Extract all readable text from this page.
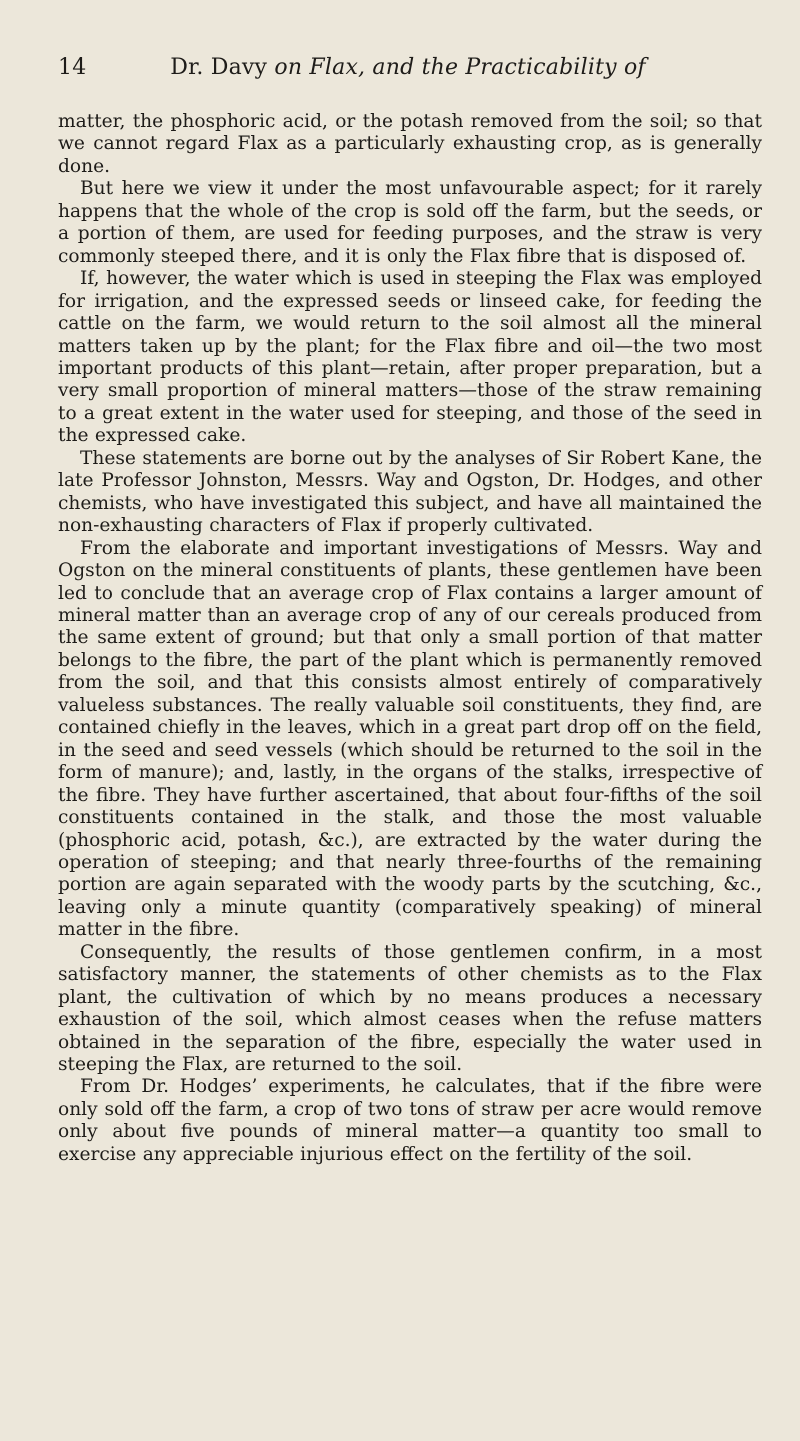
14	Dr. Davy on Flax, and the Practicability of

matter, the phosphoric acid, or the potash removed from the soil; so that we cannot regard Flax as a particularly exhausting crop, as is generally done.

But here we view it under the most unfavourable aspect; for it rarely happens that the whole of the crop is sold off the farm, but the seeds, or a portion of them, are used for feeding purposes, and the straw is very commonly steeped there, and it is only the Flax fibre that is disposed of.

If, however, the water which is used in steeping the Flax was employed for irrigation, and the expressed seeds or linseed cake, for feeding the cattle on the farm, we would return to the soil almost all the mineral matters taken up by the plant; for the Flax fibre and oil—the two most important products of this plant—retain, after proper preparation, but a very small proportion of mineral matters—those of the straw remaining to a great extent in the water used for steeping, and those of the seed in the expressed cake.

These statements are borne out by the analyses of Sir Robert Kane, the late Professor Johnston, Messrs. Way and Ogston, Dr. Hodges, and other chemists, who have investigated this subject, and have all maintained the non-exhausting characters of Flax if properly cultivated.

From the elaborate and important investigations of Messrs. Way and Ogston on the mineral constituents of plants, these gentlemen have been led to conclude that an average crop of Flax contains a larger amount of mineral matter than an average crop of any of our cereals produced from the same extent of ground; but that only a small portion of that matter belongs to the fibre, the part of the plant which is permanently removed from the soil, and that this consists almost entirely of comparatively valueless substances. The really valuable soil constituents, they find, are contained chiefly in the leaves, which in a great part drop off on the field, in the seed and seed vessels (which should be returned to the soil in the form of manure); and, lastly, in the organs of the stalks, irrespective of the fibre. They have further ascertained, that about four-fifths of the soil constituents contained in the stalk, and those the most valuable (phosphoric acid, potash, &c.), are extracted by the water during the operation of steeping; and that nearly three-fourths of the remaining portion are again separated with the woody parts by the scutching, &c., leaving only a minute quantity (comparatively speaking) of mineral matter in the fibre.

Consequently, the results of those gentlemen confirm, in a most satisfactory manner, the statements of other chemists as to the Flax plant, the cultivation of which by no means produces a necessary exhaustion of the soil, which almost ceases when the refuse matters obtained in the separation of the fibre, especially the water used in steeping the Flax, are returned to the soil.

From Dr. Hodges’ experiments, he calculates, that if the fibre were only sold off the farm, a crop of two tons of straw per acre would remove only about five pounds of mineral matter—a quantity too small to exercise any appreciable injurious effect on the fertility of the soil.
